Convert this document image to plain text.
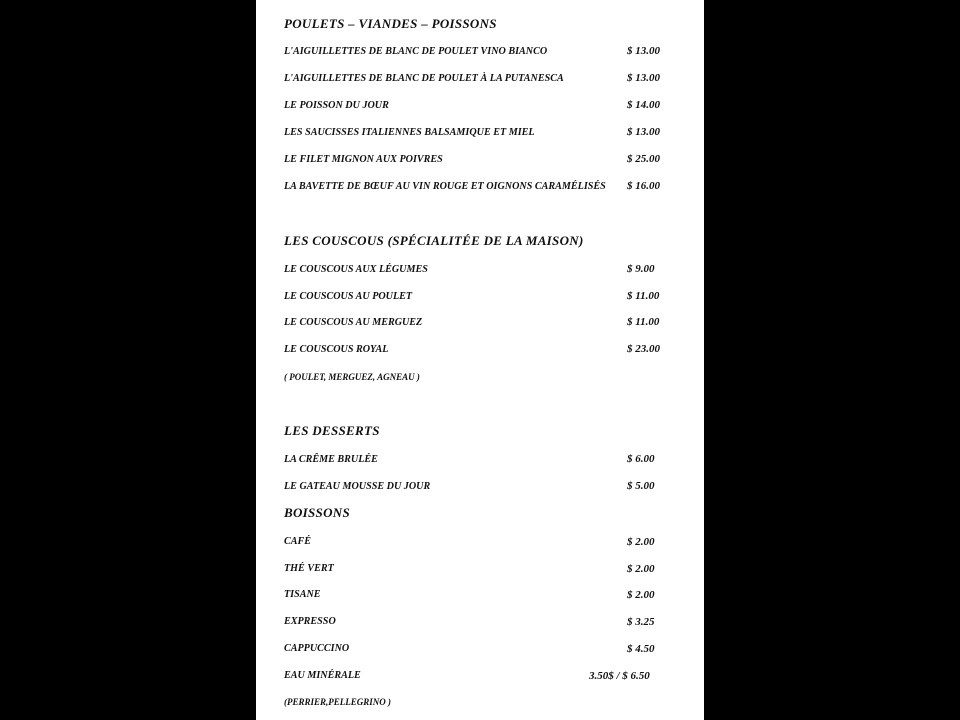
POULETS – VIANDES – POISSONS
L'AIGUILLETTES DE BLANC DE POULET VINO BIANCO	$ 13.00
L'AIGUILLETTES DE BLANC DE POULET À LA PUTANESCA	$ 13.00
LE POISSON DU JOUR	$ 14.00
LES SAUCISSES ITALIENNES BALSAMIQUE ET MIEL	$ 13.00
LE FILET MIGNON AUX POIVRES	$ 25.00
LA BAVETTE DE BŒUF AU VIN ROUGE ET OIGNONS CARAMÉLISÉS $ 16.00
LES COUSCOUS (SPÉCIALITÉE DE LA MAISON)
LE COUSCOUS AUX LÉGUMES	$ 9.00
LE COUSCOUS AU POULET	$ 11.00
LE COUSCOUS AU MERGUEZ	$ 11.00
LE COUSCOUS ROYAL	$ 23.00
( POULET, MERGUEZ, AGNEAU )
LES DESSERTS
LA CRÊME BRULÉE	$ 6.00
LE GATEAU MOUSSE DU JOUR	$ 5.00
BOISSONS
CAFÉ	$ 2.00
THÉ VERT	$ 2.00
TISANE	$ 2.00
EXPRESSO	$ 3.25
CAPPUCCINO	$ 4.50
EAU MINÉRALE	3.50$ / $ 6.50
(PERRIER,PELLEGRINO )
